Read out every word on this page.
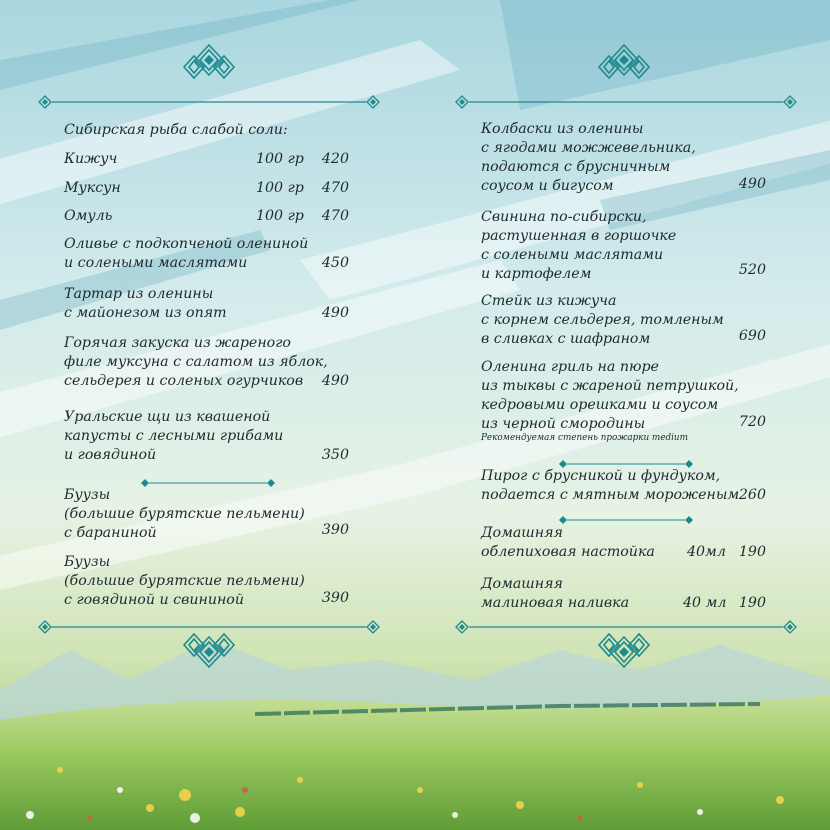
Сибирская рыба слабой соли:
Кижуч	100 гр 420
Муксун	100 гр 470
Омуль	100 гр 470
Оливье с подкопченой олениной
и солеными маслятами	450
Тартар из оленины
с майонезом из опят	490
Горячая закуска из жареного
филе муксуна с салатом из яблок,
сельдерея и соленых огурчиков	490
Уральские щи из квашеной
капусты с лесными грибами
и говядиной	350
Буузы
(большие бурятские пельмени)
с бараниной	390
Буузы
(большие бурятские пельмени)
с говядиной и свининой	390
Колбаски из оленины
с ягодами можжевельника,
подаются с брусничным
соусом и бигусом	490
Свинина по-сибирски,
растушенная в горшочке
с солеными маслятами
и картофелем	520
Стейк из кижуча
с корнем сельдерея, томленым
в сливках с шафраном	690
Оленина гриль на пюре
из тыквы с жареной петрушкой,
кедровыми орешками и соусом
из черной смородины	720
Рекомендуемая степень прожарки medium
Пирог с брусникой и фундуком,
подается с мятным мороженым 260
Домашняя
облепиховая настойка 40мл 190
Домашняя
малиновая наливка	40 мл 190
